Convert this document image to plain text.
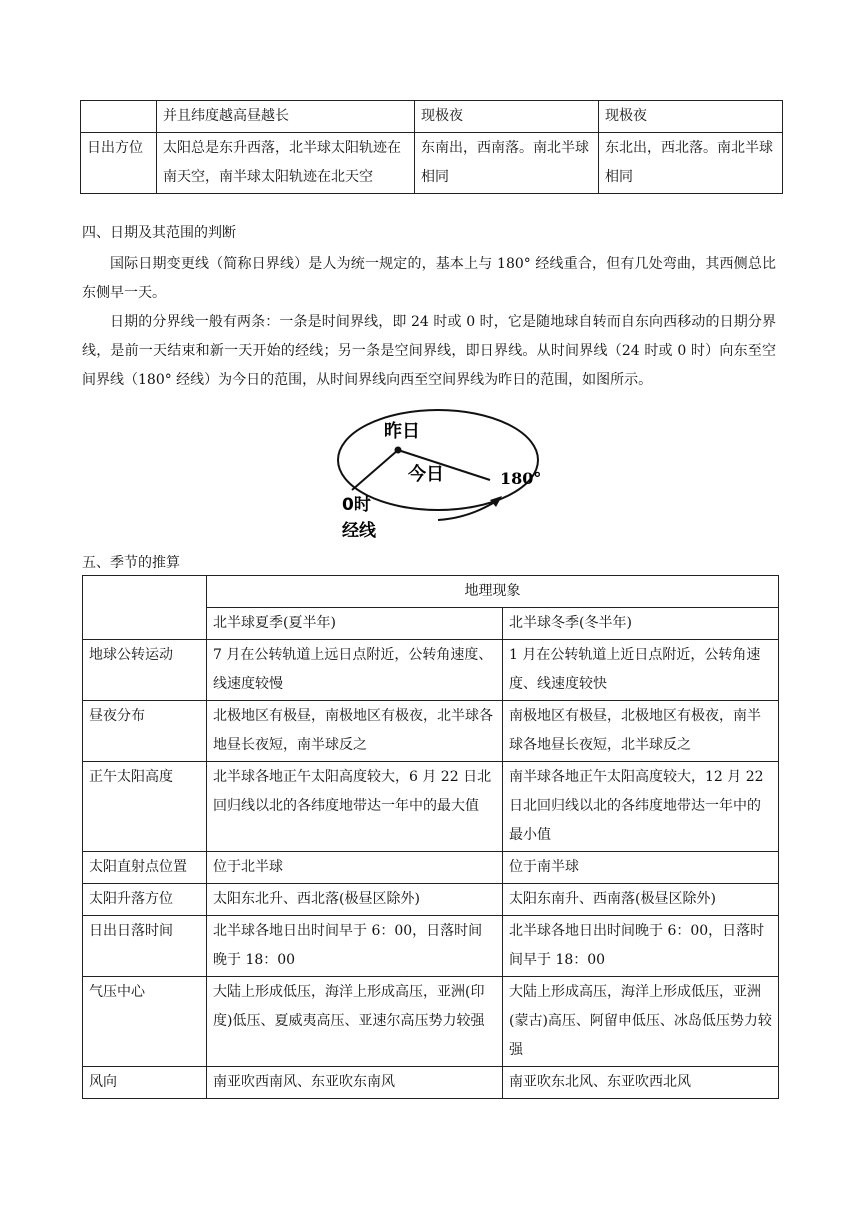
	并且纬度越高昼越长	现极夜	现极夜
日出方位	太阳总是东升西落，北半球太阳轨迹在南天空，南半球太阳轨迹在北天空	东南出，西南落。南北半球相同	东北出，西北落。南北半球相同
四、日期及其范围的判断

国际日期变更线（简称日界线）是人为统一规定的，基本上与 180° 经线重合，但有几处弯曲，其西侧总比东侧早一天。

日期的分界线一般有两条：一条是时间界线，即 24 时或 0 时，它是随地球自转而自东向西移动的日期分界线，是前一天结束和新一天开始的经线；另一条是空间界线，即日界线。从时间界线（24 时或 0 时）向东至空间界线（180° 经线）为今日的范围，从时间界线向西至空间界线为昨日的范围，如图所示。

昨日
今日	180°
0时
经线
五、季节的推算
	地理现象	
	北半球夏季(夏半年)	北半球冬季(冬半年)
地球公转运动	7 月在公转轨道上远日点附近，公转角速度、线速度较慢	1 月在公转轨道上近日点附近，公转角速度、线速度较快
昼夜分布	北极地区有极昼，南极地区有极夜，北半球各地昼长夜短，南半球反之	南极地区有极昼，北极地区有极夜，南半球各地昼长夜短，北半球反之
正午太阳高度	北半球各地正午太阳高度较大，6 月 22 日北回归线以北的各纬度地带达一年中的最大值	南半球各地正午太阳高度较大，12 月 22 日北回归线以北的各纬度地带达一年中的最小值
太阳直射点位置	位于北半球	位于南半球
太阳升落方位	太阳东北升、西北落(极昼区除外)	太阳东南升、西南落(极昼区除外)
日出日落时间	北半球各地日出时间早于 6：00，日落时间晚于 18：00	北半球各地日出时间晚于 6：00，日落时间早于 18：00
气压中心	大陆上形成低压，海洋上形成高压，亚洲(印度)低压、夏威夷高压、亚速尔高压势力较强	大陆上形成高压，海洋上形成低压，亚洲(蒙古)高压、阿留申低压、冰岛低压势力较强
风向	南亚吹西南风、东亚吹东南风	南亚吹东北风、东亚吹西北风
